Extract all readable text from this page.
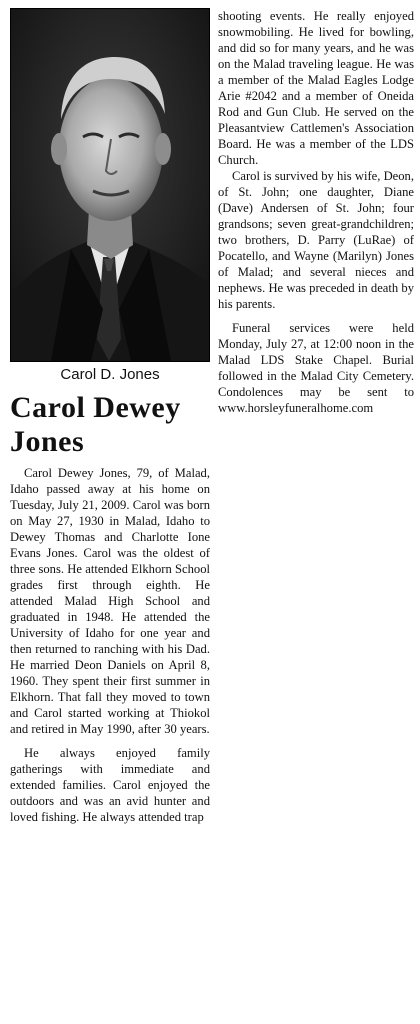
Carol D. Jones
Carol Dewey Jones

Carol Dewey Jones, 79, of Malad, Idaho passed away at his home on Tuesday, July 21, 2009. Carol was born on May 27, 1930 in Malad, Idaho to Dewey Thomas and Charlotte Ione Evans Jones. Carol was the oldest of three sons. He attended Elkhorn School grades first through eighth. He attended Malad High School and graduated in 1948. He attended the University of Idaho for one year and then returned to ranching with his Dad. He married Deon Daniels on April 8, 1960. They spent their first summer in Elkhorn. That fall they moved to town and Carol started working at Thiokol and retired in May 1990, after 30 years.

He always enjoyed family gatherings with immediate and extended families. Carol enjoyed the outdoors and was an avid hunter and loved fishing. He always attended trap

shooting events. He really enjoyed snowmobiling. He lived for bowling, and did so for many years, and he was on the Malad traveling league. He was a member of the Malad Eagles Lodge Arie #2042 and a member of Oneida Rod and Gun Club. He served on the Pleasantview Cattlemen's Association Board. He was a member of the LDS Church.

Carol is survived by his wife, Deon, of St. John; one daughter, Diane (Dave) Andersen of St. John; four grandsons; seven great-grandchildren; two brothers, D. Parry (LuRae) of Pocatello, and Wayne (Marilyn) Jones of Malad; and several nieces and nephews. He was preceded in death by his parents.

Funeral services were held Monday, July 27, at 12:00 noon in the Malad LDS Stake Chapel. Burial followed in the Malad City Cemetery. Condolences may be sent to www.horsleyfuneralhome.com
